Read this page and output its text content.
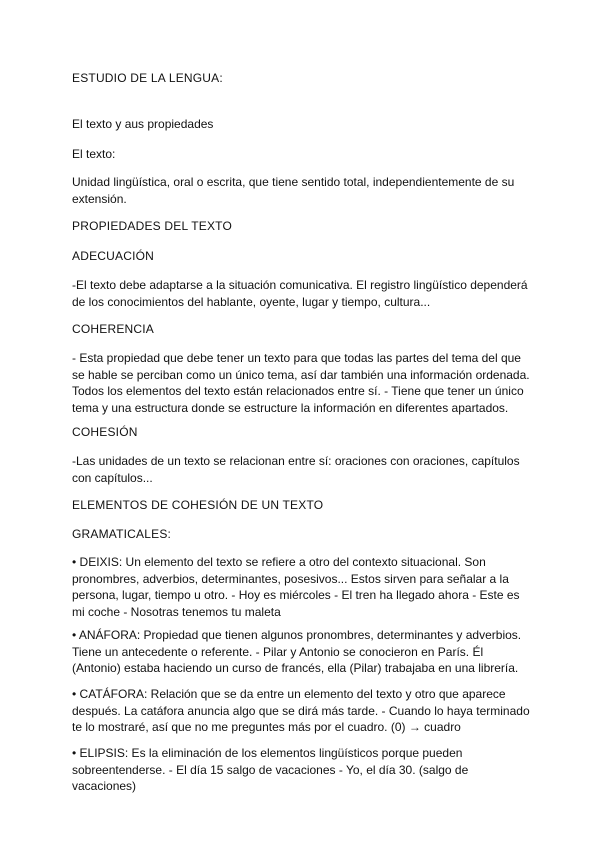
ESTUDIO DE LA LENGUA:

El texto y aus propiedades

El texto:

Unidad lingüística, oral o escrita, que tiene sentido total, independientemente de su extensión.

PROPIEDADES DEL TEXTO

ADECUACIÓN

-El texto debe adaptarse a la situación comunicativa. El registro lingüístico dependerá de los conocimientos del hablante, oyente, lugar y tiempo, cultura...

COHERENCIA

- Esta propiedad que debe tener un texto para que todas las partes del tema del que se hable se perciban como un único tema, así dar también una información ordenada. Todos los elementos del texto están relacionados entre sí. - Tiene que tener un único tema y una estructura donde se estructure la información en diferentes apartados.

COHESIÓN

-Las unidades de un texto se relacionan entre sí: oraciones con oraciones, capítulos con capítulos...

ELEMENTOS DE COHESIÓN DE UN TEXTO

GRAMATICALES:

• DEIXIS: Un elemento del texto se refiere a otro del contexto situacional. Son pronombres, adverbios, determinantes, posesivos... Estos sirven para señalar a la persona, lugar, tiempo u otro. - Hoy es miércoles - El tren ha llegado ahora - Este es mi coche - Nosotras tenemos tu maleta

• ANÁFORA: Propiedad que tienen algunos pronombres, determinantes y adverbios. Tiene un antecedente o referente. - Pilar y Antonio se conocieron en París. Él (Antonio) estaba haciendo un curso de francés, ella (Pilar) trabajaba en una librería.

• CATÁFORA: Relación que se da entre un elemento del texto y otro que aparece después. La catáfora anuncia algo que se dirá más tarde. - Cuando lo haya terminado te lo mostraré, así que no me preguntes más por el cuadro. (0) → cuadro

• ELIPSIS: Es la eliminación de los elementos lingüísticos porque pueden sobreentenderse. - El día 15 salgo de vacaciones - Yo, el día 30. (salgo de vacaciones)
